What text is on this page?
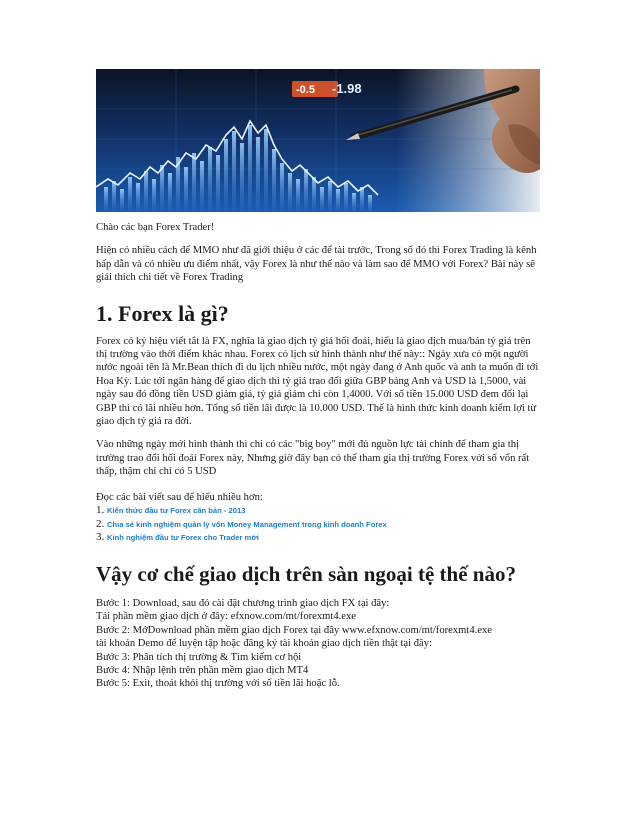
-0.5 -1.98

Chào các bạn Forex Trader!

Hiện có nhiều cách để MMO như đã giới thiệu ở các để tài trước, Trong số đó thì Forex Trading là kênh hấp dẫn và có nhiều ưu điểm nhất, vậy Forex là như thế nào và làm sao để MMO với Forex? Bài này sẽ giải thích chi tiết về Forex Trading

1. Forex là gì?

Forex có ký hiệu viết tắt là FX, nghĩa là giao dịch tỷ giá hối đoái, hiểu là giao dịch mua/bán tỷ giá trên thị trường vào thời điểm khác nhau. Forex có lịch sử hình thành như thế này:: Ngày xưa có một người nước ngoài tên là Mr.Bean thích đi du lịch nhiều nước, một ngày đang ở Anh quốc và anh ta muốn đi tới Hoa Kỳ. Lúc tới ngân hàng để giao dịch thì tỷ giá trao đổi giữa GBP bảng Anh và USD là 1,5000, vài ngày sau đó đồng tiền USD giảm giá, tỷ giá giảm chỉ còn 1,4000. Với số tiền 15.000 USD đem đổi lại GBP thì có lãi nhiều hơn. Tổng số tiền lãi được là 10.000 USD. Thế là hình thức kinh doanh kiếm lợi từ giao dịch tỷ giá ra đời.

Vào những ngày mới hình thành thì chỉ có các "big boy" mới đủ nguồn lực tài chính để tham gia thị trường trao đổi hối đoái Forex này, Nhưng giờ đây bạn có thể tham gia thị trường Forex với số vốn rất thấp, thậm chí chỉ có 5 USD

Đọc các bài viết sau để hiểu nhiều hơn:

1. Kiến thức đầu tư Forex căn bản - 2013
2. Chia sẻ kinh nghiệm quản lý vốn Money Management trong kinh doanh Forex
3. Kinh nghiệm đầu tư Forex cho Trader mới
Vậy cơ chế giao dịch trên sàn ngoại tệ thế nào?

Bước 1: Download, sau đó cài đặt chương trình giao dịch FX tại đây:

Tải phần mềm giao dịch ở đây: efxnow.com/mt/forexmt4.exe

Bước 2: MởDownload phần mềm giao dịch Forex tại đây www.efxnow.com/mt/forexmt4.exe

tài khoản Demo để luyện tập hoặc đăng ký tài khoản giao dịch tiền thật tại đây:

Bước 3: Phân tích thị trường & Tìm kiếm cơ hội

Bước 4: Nhập lệnh trên phần mềm giao dịch MT4

Bước 5: Exit, thoát khỏi thị trường với số tiền lãi hoặc lỗ.
